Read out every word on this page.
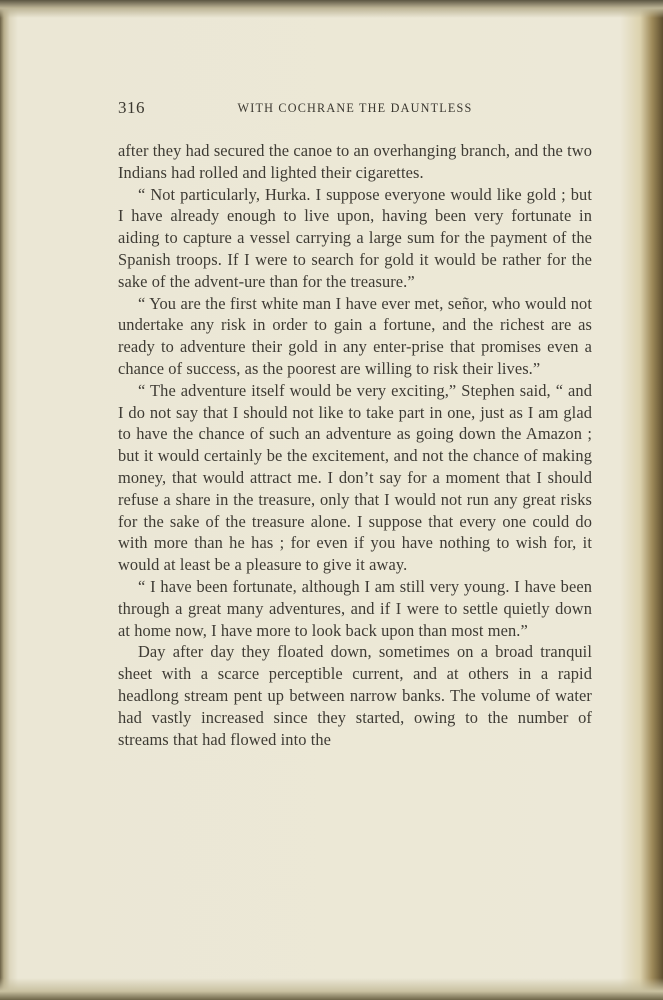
316	WITH COCHRANE THE DAUNTLESS

after they had secured the canoe to an overhanging branch, and the two Indians had rolled and lighted their cigarettes.

“ Not particularly, Hurka. I suppose everyone would like gold ; but I have already enough to live upon, having been very fortunate in aiding to capture a vessel carrying a large sum for the payment of the Spanish troops. If I were to search for gold it would be rather for the sake of the advent-ure than for the treasure.”

“ You are the first white man I have ever met, señor, who would not undertake any risk in order to gain a fortune, and the richest are as ready to adventure their gold in any enter-prise that promises even a chance of success, as the poorest are willing to risk their lives.”

“ The adventure itself would be very exciting,” Stephen said, “ and I do not say that I should not like to take part in one, just as I am glad to have the chance of such an adventure as going down the Amazon ; but it would certainly be the excitement, and not the chance of making money, that would attract me. I don’t say for a moment that I should refuse a share in the treasure, only that I would not run any great risks for the sake of the treasure alone. I suppose that every one could do with more than he has ; for even if you have nothing to wish for, it would at least be a pleasure to give it away.

“ I have been fortunate, although I am still very young. I have been through a great many adventures, and if I were to settle quietly down at home now, I have more to look back upon than most men.”

Day after day they floated down, sometimes on a broad tranquil sheet with a scarce perceptible current, and at others in a rapid headlong stream pent up between narrow banks. The volume of water had vastly increased since they started, owing to the number of streams that had flowed into the
